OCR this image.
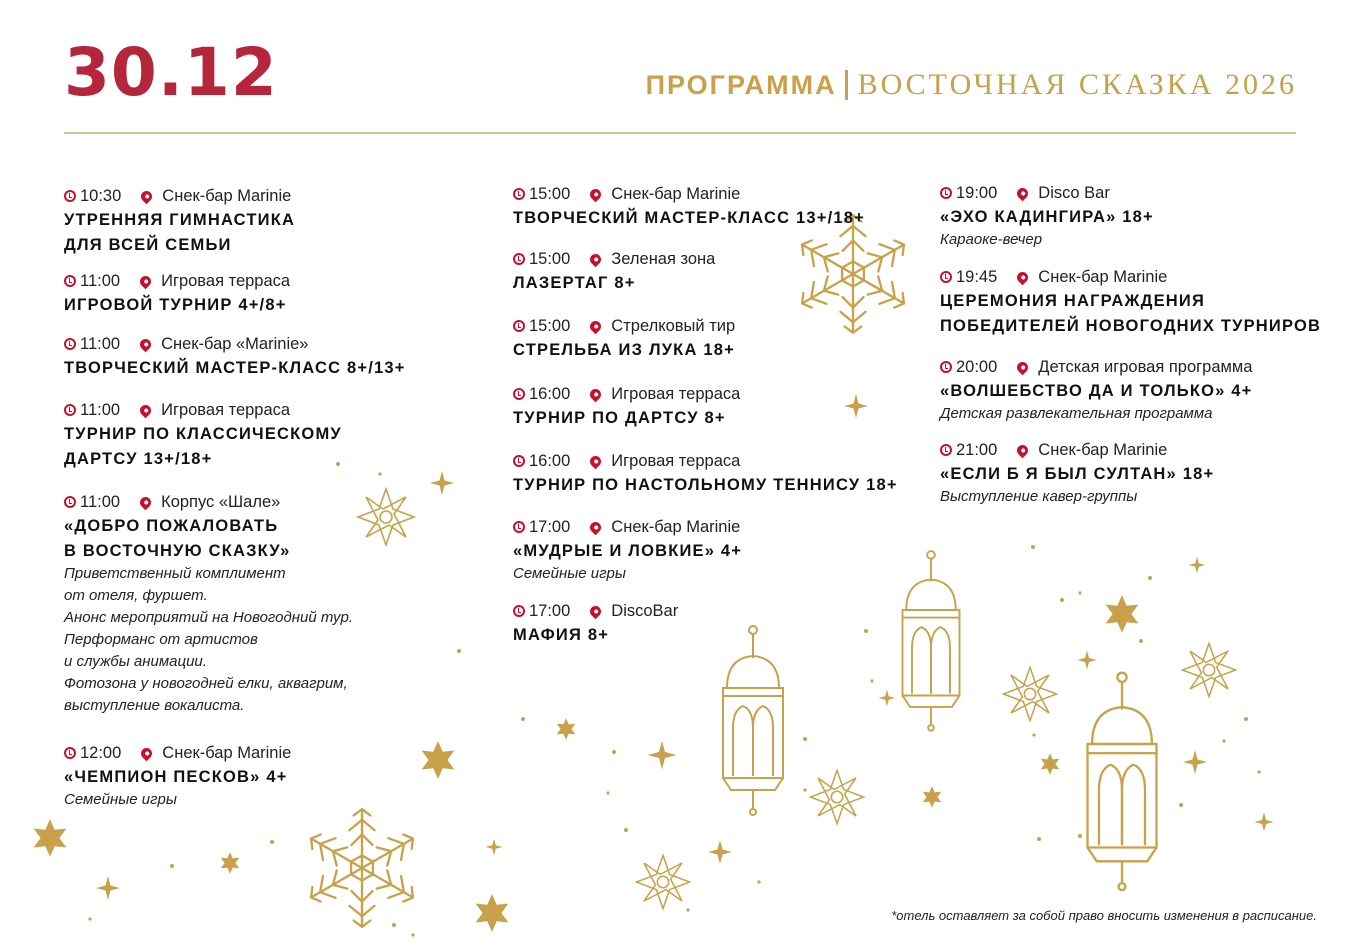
30.12	ПРОГРАММА ВОСТОЧНАЯ СКАЗКА 2026
10:30 Снек-бар Marinie
УТРЕННЯЯ ГИМНАСТИКА
ДЛЯ ВСЕЙ СЕМЬИ
11:00 Игровая терраса
ИГРОВОЙ ТУРНИР 4+/8+
11:00 Снек-бар «Marinie»
ТВОРЧЕСКИЙ МАСТЕР-КЛАСС 8+/13+
11:00 Игровая терраса
ТУРНИР ПО КЛАССИЧЕСКОМУ
ДАРТСУ 13+/18+
11:00 Корпус «Шале»
«ДОБРО ПОЖАЛОВАТЬ
В ВОСТОЧНУЮ СКАЗКУ»
Приветственный комплимент
от отеля, фуршет.
Анонс мероприятий на Новогодний тур.
Перформанс от артистов
и службы анимации.
Фотозона у новогодней елки, аквагрим,
выступление вокалиста.
12:00 Снек-бар Marinie
«ЧЕМПИОН ПЕСКОВ» 4+
Семейные игры
15:00 Снек-бар Marinie
ТВОРЧЕСКИЙ МАСТЕР-КЛАСС 13+/18+
15:00 Зеленая зона
ЛАЗЕРТАГ 8+
15:00 Стрелковый тир
СТРЕЛЬБА ИЗ ЛУКА 18+
16:00 Игровая терраса
ТУРНИР ПО ДАРТСУ 8+
16:00 Игровая терраса
ТУРНИР ПО НАСТОЛЬНОМУ ТЕННИСУ 18+
17:00 Снек-бар Marinie
«МУДРЫЕ И ЛОВКИЕ» 4+
Семейные игры
17:00 DiscoBar
МАФИЯ 8+
19:00 Disco Bar
«ЭХО КАДИНГИРА» 18+
Караоке-вечер
19:45 Снек-бар Marinie
ЦЕРЕМОНИЯ НАГРАЖДЕНИЯ
ПОБЕДИТЕЛЕЙ НОВОГОДНИХ ТУРНИРОВ
20:00 Детская игровая программа
«ВОЛШЕБСТВО ДА И ТОЛЬКО» 4+
Детская развлекательная программа
21:00 Снек-бар Marinie
«ЕСЛИ Б Я БЫЛ СУЛТАН» 18+
Выступление кавер-группы
*отель оставляет за собой право вносить изменения в расписание.
